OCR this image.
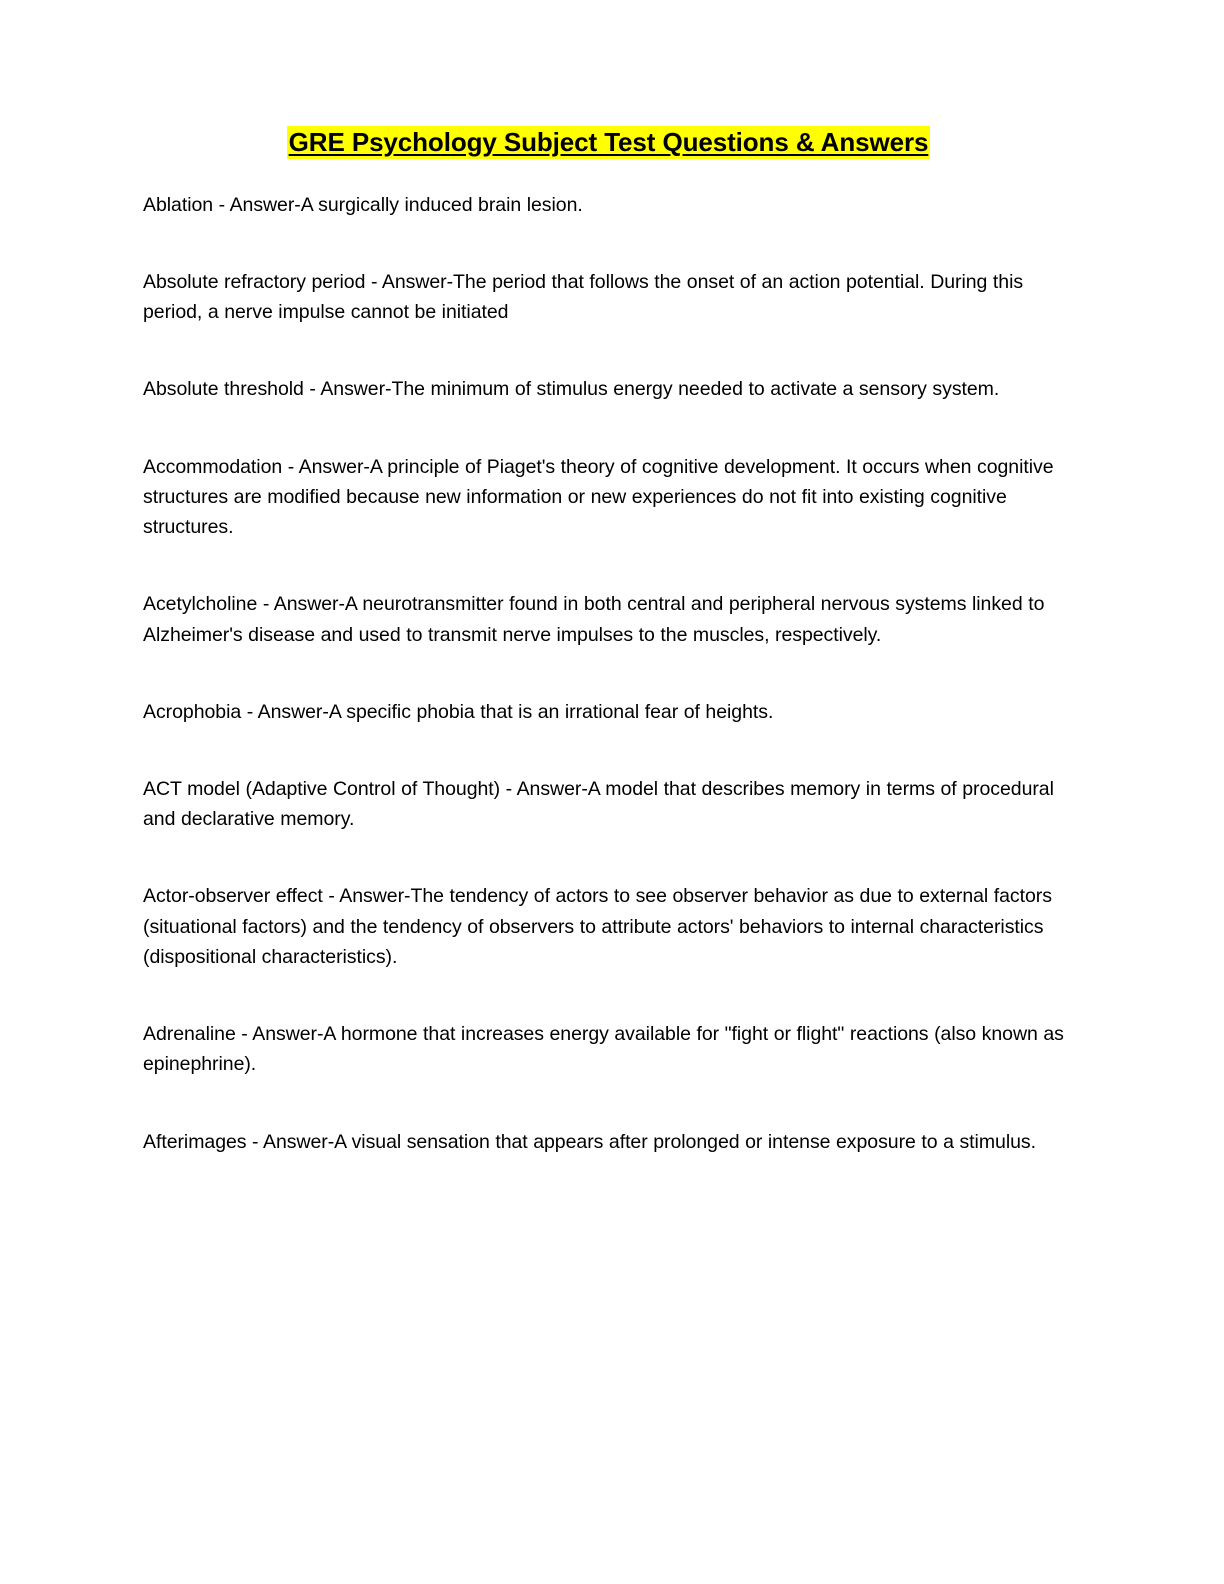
GRE Psychology Subject Test Questions & Answers

Ablation - Answer-A surgically induced brain lesion.

Absolute refractory period - Answer-The period that follows the onset of an action potential. During this period, a nerve impulse cannot be initiated

Absolute threshold - Answer-The minimum of stimulus energy needed to activate a sensory system.

Accommodation - Answer-A principle of Piaget's theory of cognitive development. It occurs when cognitive structures are modified because new information or new experiences do not fit into existing cognitive structures.

Acetylcholine - Answer-A neurotransmitter found in both central and peripheral nervous systems linked to Alzheimer's disease and used to transmit nerve impulses to the muscles, respectively.

Acrophobia - Answer-A specific phobia that is an irrational fear of heights.

ACT model (Adaptive Control of Thought) - Answer-A model that describes memory in terms of procedural and declarative memory.

Actor-observer effect - Answer-The tendency of actors to see observer behavior as due to external factors (situational factors) and the tendency of observers to attribute actors' behaviors to internal characteristics (dispositional characteristics).

Adrenaline - Answer-A hormone that increases energy available for "fight or flight" reactions (also known as epinephrine).

Afterimages - Answer-A visual sensation that appears after prolonged or intense exposure to a stimulus.
